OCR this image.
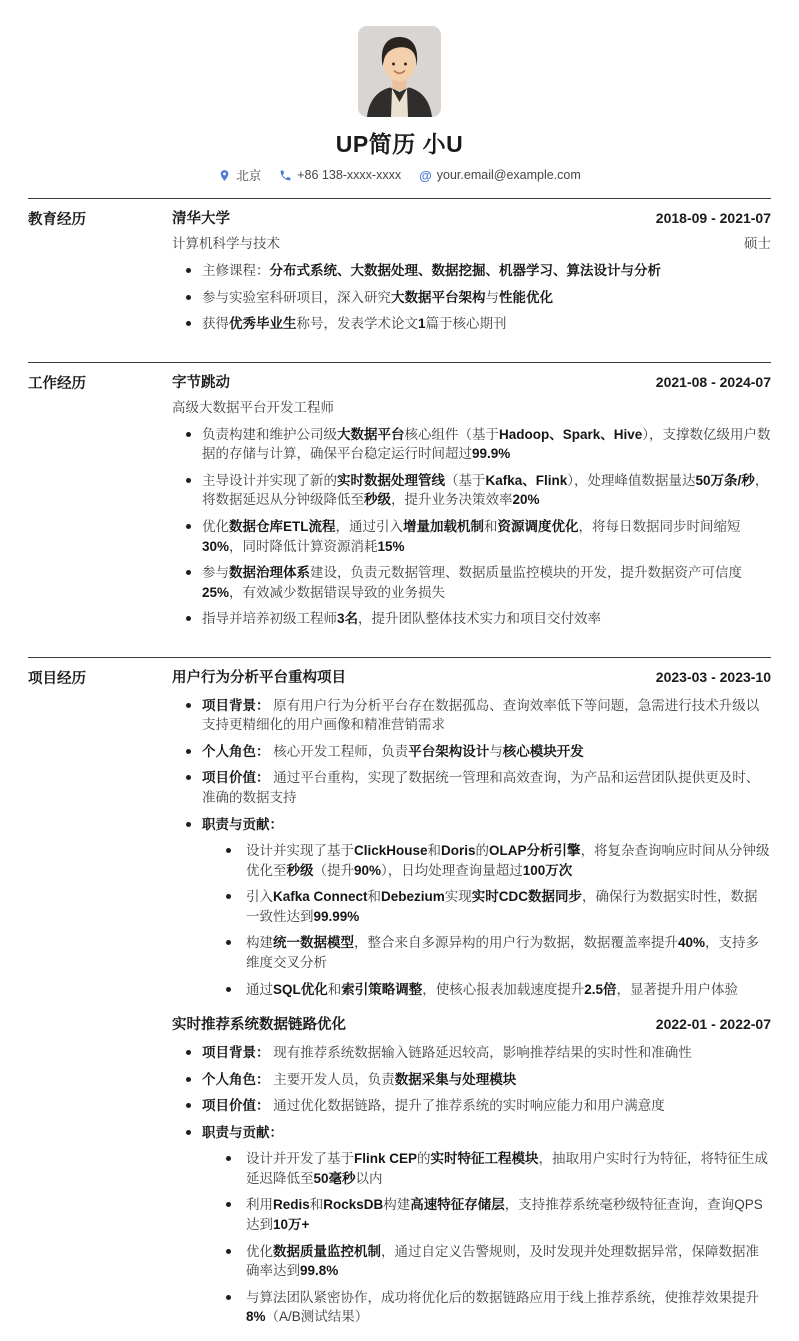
UP简历 小U
北京	+86 138-xxxx-xxxx @ your.email@example.com
教育经历	清华大学	2018-09 - 2021-07
计算机科学与技术	硕士
主修课程：分布式系统、大数据处理、数据挖掘、机器学习、算法设计与分析
参与实验室科研项目，深入研究大数据平台架构与性能优化
获得优秀毕业生称号，发表学术论文1篇于核心期刊
工作经历	字节跳动	2021-08 - 2024-07
高级大数据平台开发工程师
负责构建和维护公司级大数据平台核心组件（基于Hadoop、Spark、Hive），支撑数亿级用户数据的存储与计算，确保平台稳定运行时间超过99.9%
主导设计并实现了新的实时数据处理管线（基于Kafka、Flink），处理峰值数据量达50万条/秒，将数据延迟从分钟级降低至秒级，提升业务决策效率20%
优化数据仓库ETL流程，通过引入增量加载机制和资源调度优化，将每日数据同步时间缩短30%，同时降低计算资源消耗15%
参与数据治理体系建设，负责元数据管理、数据质量监控模块的开发，提升数据资产可信度25%，有效减少数据错误导致的业务损失
指导并培养初级工程师3名，提升团队整体技术实力和项目交付效率
项目经历	用户行为分析平台重构项目	2023-03 - 2023-10
项目背景： 原有用户行为分析平台存在数据孤岛、查询效率低下等问题，急需进行技术升级以支持更精细化的用户画像和精准营销需求
个人角色： 核心开发工程师，负责平台架构设计与核心模块开发
项目价值： 通过平台重构，实现了数据统一管理和高效查询，为产品和运营团队提供更及时、准确的数据支持
职责与贡献：
设计并实现了基于ClickHouse和Doris的OLAP分析引擎，将复杂查询响应时间从分钟级优化至秒级（提升90%），日均处理查询量超过100万次
引入Kafka Connect和Debezium实现实时CDC数据同步，确保行为数据实时性，数据一致性达到99.99%
构建统一数据模型，整合来自多源异构的用户行为数据，数据覆盖率提升40%，支持多维度交叉分析
通过SQL优化和索引策略调整，使核心报表加载速度提升2.5倍，显著提升用户体验
实时推荐系统数据链路优化	2022-01 - 2022-07
项目背景： 现有推荐系统数据输入链路延迟较高，影响推荐结果的实时性和准确性
个人角色： 主要开发人员，负责数据采集与处理模块
项目价值： 通过优化数据链路，提升了推荐系统的实时响应能力和用户满意度
职责与贡献：
设计并开发了基于Flink CEP的实时特征工程模块，抽取用户实时行为特征，将特征生成延迟降低至50毫秒以内
利用Redis和RocksDB构建高速特征存储层，支持推荐系统毫秒级特征查询，查询QPS达到10万+
优化数据质量监控机制，通过自定义告警规则，及时发现并处理数据异常，保障数据准确率达到99.8%
与算法团队紧密协作，成功将优化后的数据链路应用于线上推荐系统，使推荐效果提升8%（A/B测试结果）
